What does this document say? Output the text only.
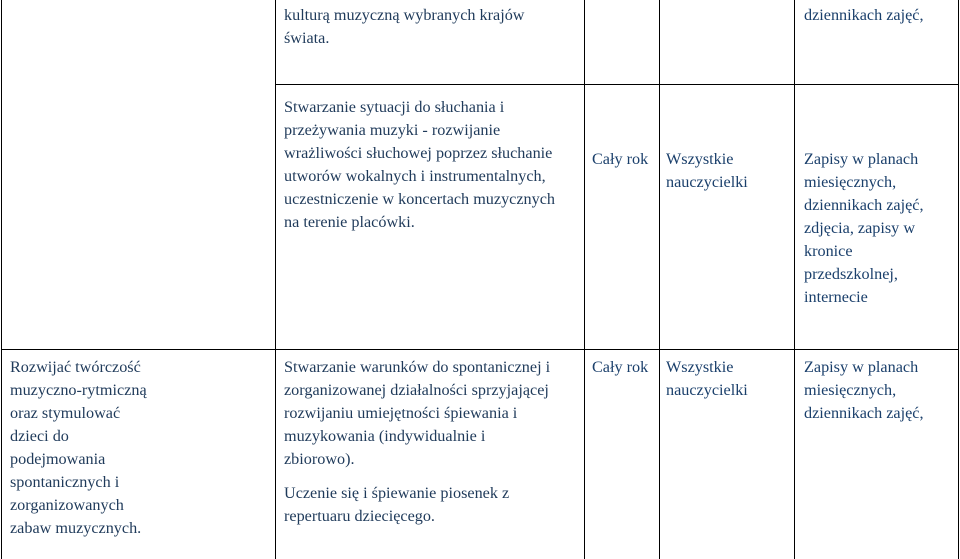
kulturą muzyczną wybranych krajów
świata.
dziennikach zajęć,
Stwarzanie sytuacji do słuchania i
przeżywania muzyki - rozwijanie
wrażliwości słuchowej poprzez słuchanie
utworów wokalnych i instrumentalnych,
uczestniczenie w koncertach muzycznych
na terenie placówki.
Cały rok	Wszystkie
nauczycielki
Zapisy w planach
miesięcznych,
dziennikach zajęć,
zdjęcia, zapisy w
kronice
przedszkolnej,
internecie
Rozwijać twórczość
muzyczno-rytmiczną
oraz stymulować
dzieci do
podejmowania
spontanicznych i
zorganizowanych
zabaw muzycznych.
Stwarzanie warunków do spontanicznej i
zorganizowanej działalności sprzyjającej
rozwijaniu umiejętności śpiewania i
muzykowania (indywidualnie i
zbiorowo).
Uczenie się i śpiewanie piosenek z
repertuaru dziecięcego.
Cały rok	Wszystkie
nauczycielki
Zapisy w planach
miesięcznych,
dziennikach zajęć,
